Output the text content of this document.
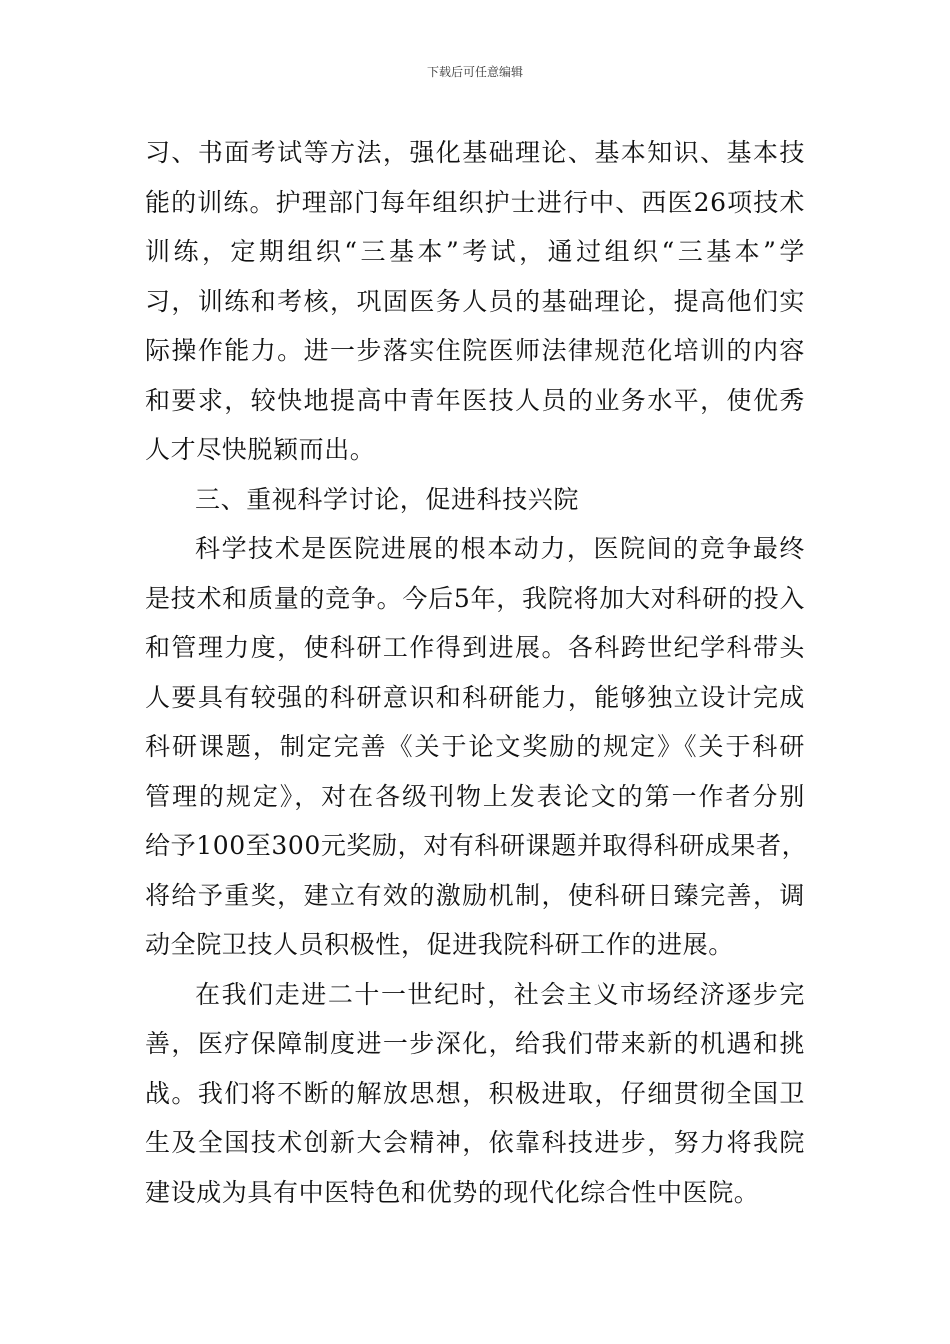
下载后可任意编辑
习、书面考试等方法，强化基础理论、基本知识、基本技
能的训练。护理部门每年组织护士进行中、西医26项技术
训练，定期组织“三基本”考试，通过组织“三基本”学
习，训练和考核，巩固医务人员的基础理论，提高他们实
际操作能力。进一步落实住院医师法律规范化培训的内容
和要求，较快地提高中青年医技人员的业务水平，使优秀
人才尽快脱颖而出。
三、重视科学讨论，促进科技兴院
科学技术是医院进展的根本动力，医院间的竞争最终
是技术和质量的竞争。今后5年，我院将加大对科研的投入
和管理力度，使科研工作得到进展。各科跨世纪学科带头
人要具有较强的科研意识和科研能力，能够独立设计完成
科研课题，制定完善《关于论文奖励的规定》《关于科研
管理的规定》，对在各级刊物上发表论文的第一作者分别
给予100至300元奖励，对有科研课题并取得科研成果者，
将给予重奖，建立有效的激励机制，使科研日臻完善，调
动全院卫技人员积极性，促进我院科研工作的进展。
在我们走进二十一世纪时，社会主义市场经济逐步完
善，医疗保障制度进一步深化，给我们带来新的机遇和挑
战。我们将不断的解放思想，积极进取，仔细贯彻全国卫
生及全国技术创新大会精神，依靠科技进步，努力将我院
建设成为具有中医特色和优势的现代化综合性中医院。
